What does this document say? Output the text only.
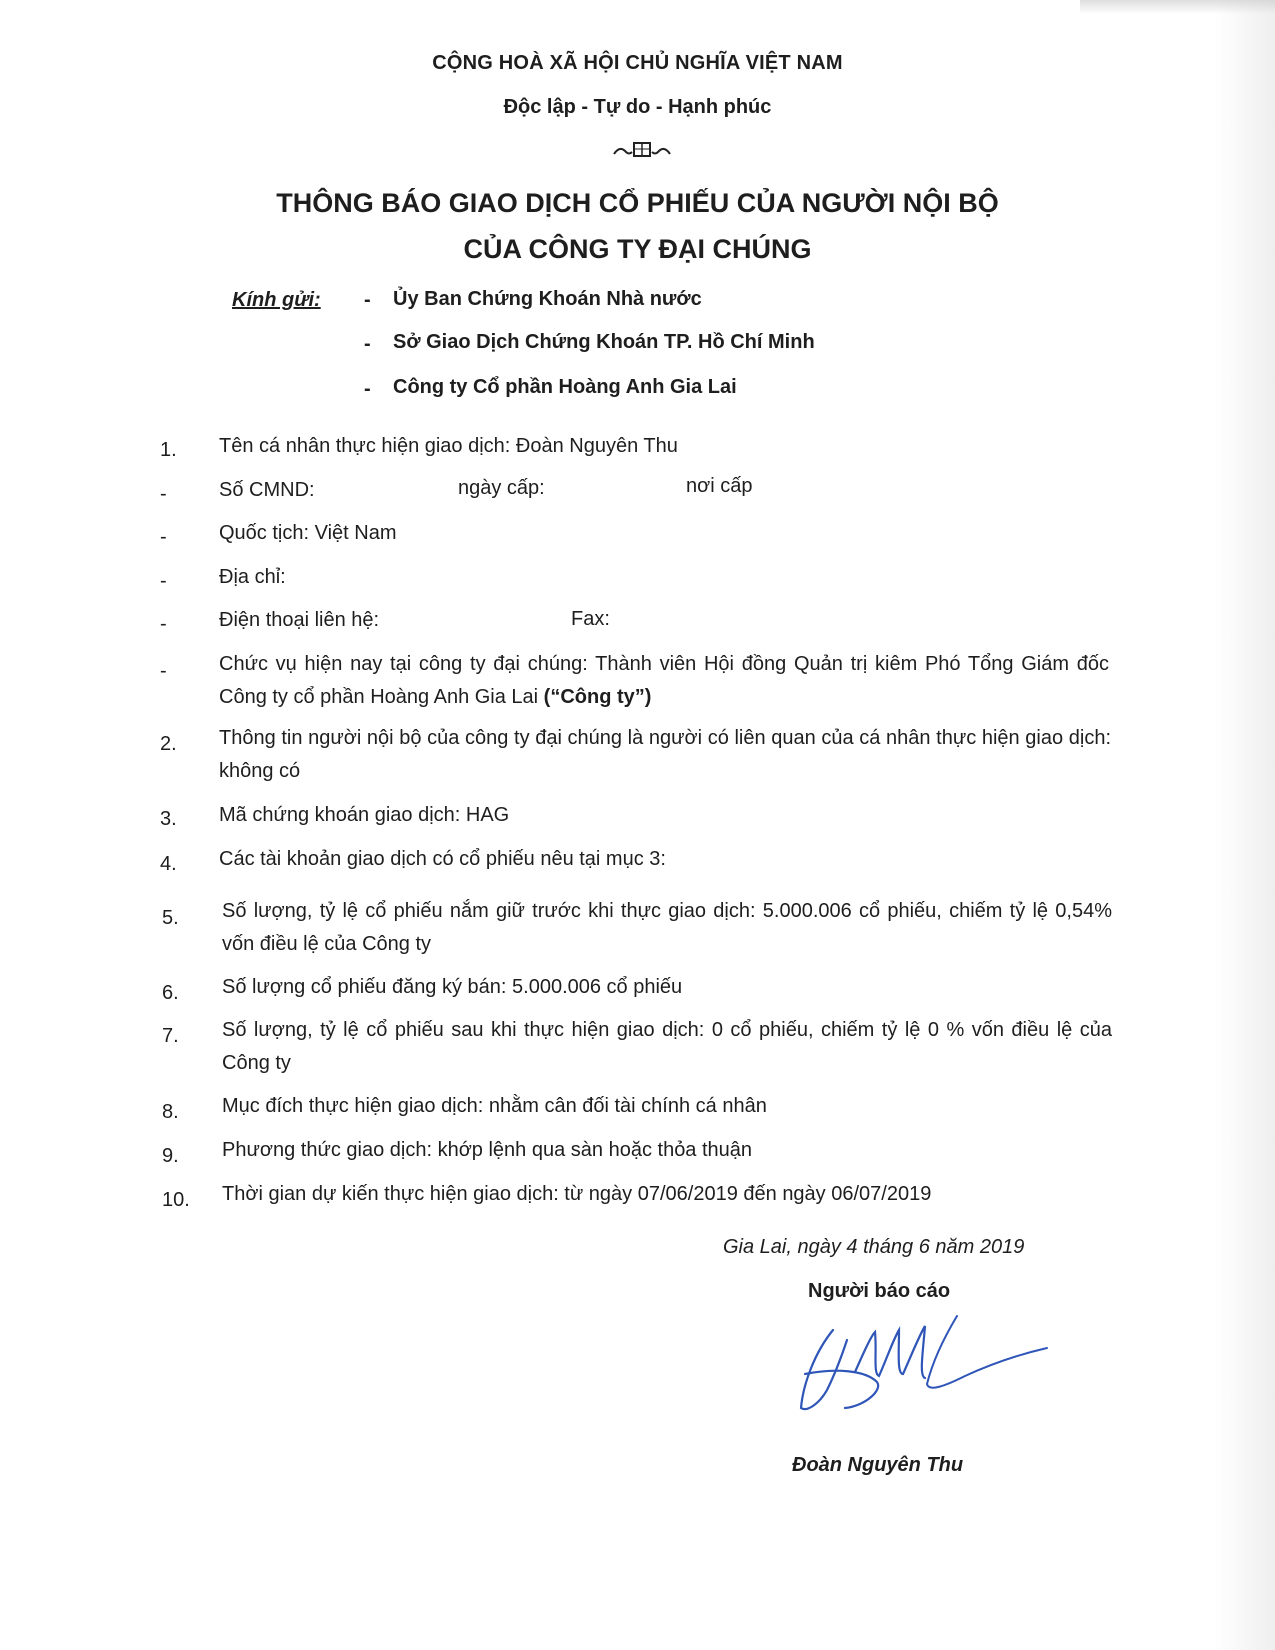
CỘNG HOÀ XÃ HỘI CHỦ NGHĨA VIỆT NAM
Độc lập - Tự do - Hạnh phúc
THÔNG BÁO GIAO DỊCH CỔ PHIẾU CỦA NGƯỜI NỘI BỘ
CỦA CÔNG TY ĐẠI CHÚNG
Kính gửi: - Ủy Ban Chứng Khoán Nhà nước
- Sở Giao Dịch Chứng Khoán TP. Hồ Chí Minh
- Công ty Cổ phần Hoàng Anh Gia Lai
1. Tên cá nhân thực hiện giao dịch: Đoàn Nguyên Thu
-	Số CMND:	ngày cấp:	nơi cấp
-	Quốc tịch: Việt Nam
-	Địa chỉ:
-	Điện thoại liên hệ:	Fax:
-	Chức vụ hiện nay tại công ty đại chúng: Thành viên Hội đồng Quản trị kiêm Phó Tổng Giám đốc Công ty cổ phần Hoàng Anh Gia Lai (“Công ty”)
2. Thông tin người nội bộ của công ty đại chúng là người có liên quan của cá nhân thực hiện giao dịch: không có
3. Mã chứng khoán giao dịch: HAG
4. Các tài khoản giao dịch có cổ phiếu nêu tại mục 3:
5. Số lượng, tỷ lệ cổ phiếu nắm giữ trước khi thực giao dịch: 5.000.006 cổ phiếu, chiếm tỷ lệ 0,54% vốn điều lệ của Công ty
6. Số lượng cổ phiếu đăng ký bán: 5.000.006 cổ phiếu
7. Số lượng, tỷ lệ cổ phiếu sau khi thực hiện giao dịch: 0 cổ phiếu, chiếm tỷ lệ 0 % vốn điều lệ của Công ty
8. Mục đích thực hiện giao dịch: nhằm cân đối tài chính cá nhân
9. Phương thức giao dịch: khớp lệnh qua sàn hoặc thỏa thuận
10. Thời gian dự kiến thực hiện giao dịch: từ ngày 07/06/2019 đến ngày 06/07/2019
Gia Lai, ngày 4 tháng 6 năm 2019
Người báo cáo
Đoàn Nguyên Thu
